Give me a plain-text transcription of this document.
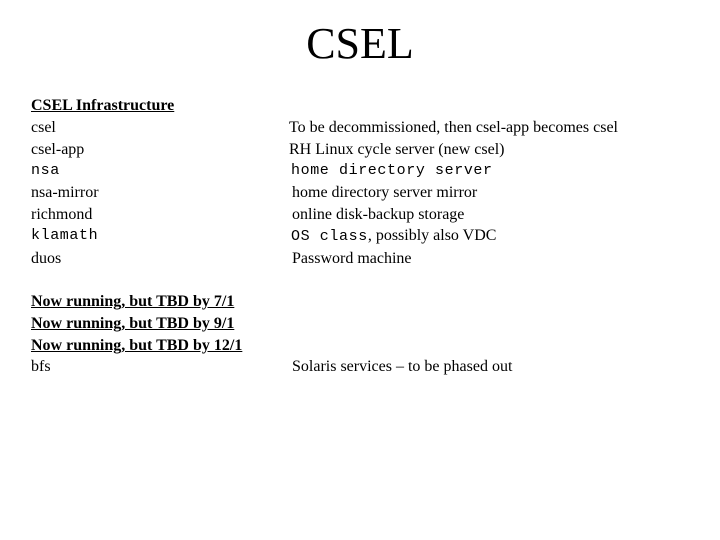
CSEL
CSEL Infrastructure
csel
csel-app
nsa
nsa-mirror
richmond
klamath
duos
To be decommissioned, then csel-app becomes csel
RH Linux cycle server (new csel)
home directory server
home directory server mirror
online disk-backup storage
OS class, possibly also VDC
Password machine
Now running, but TBD by 7/1
Now running, but TBD by 9/1
Now running, but TBD by 12/1
bfs	Solaris services – to be phased out
